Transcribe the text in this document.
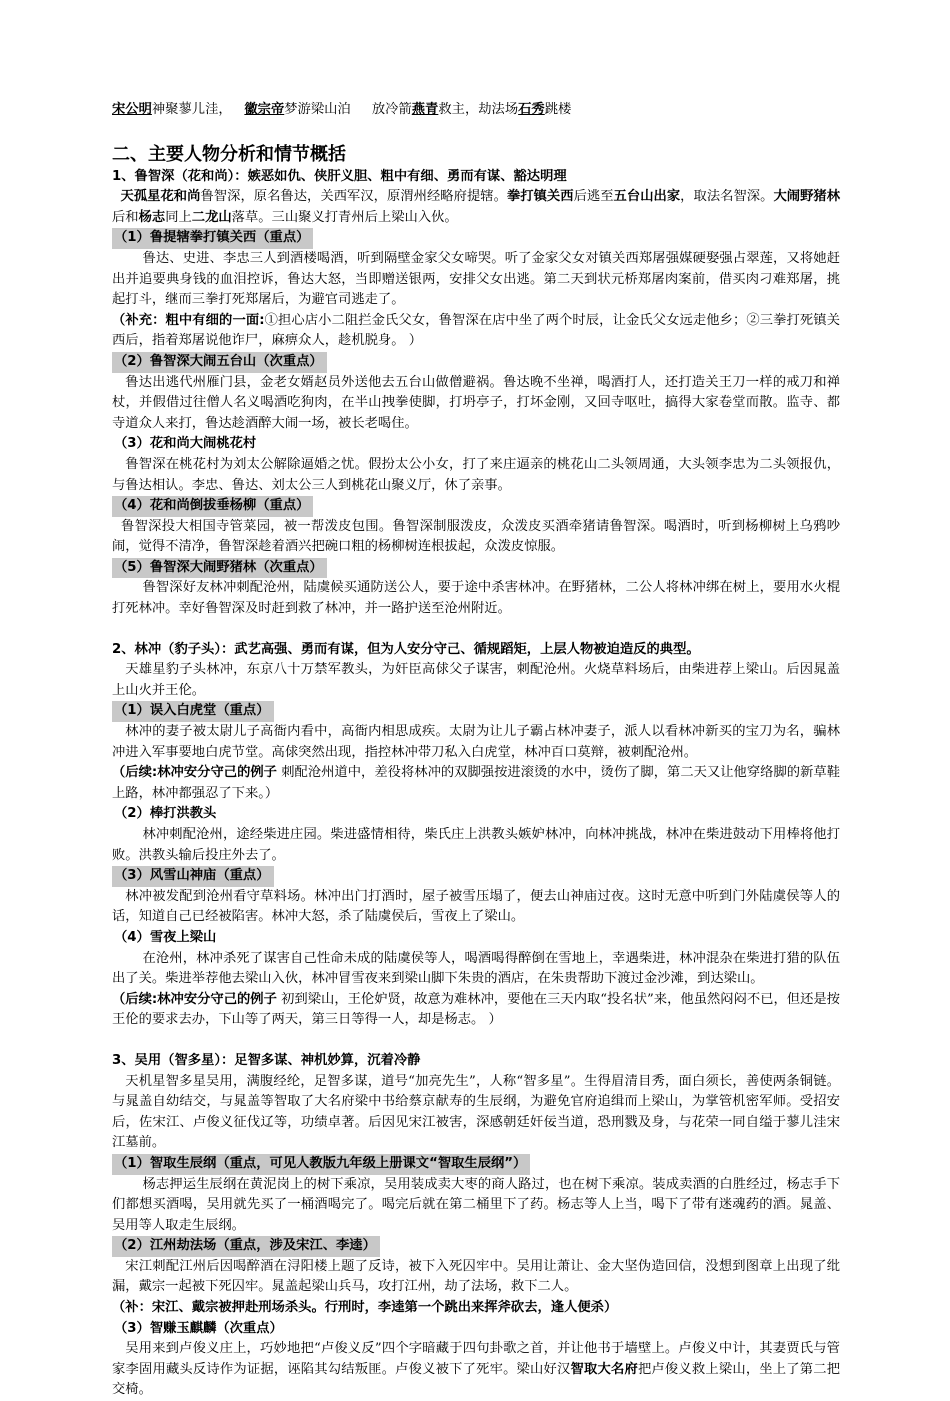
宋公明神聚蓼儿洼， 徽宗帝梦游梁山泊 放冷箭燕青救主，劫法场石秀跳楼

二、主要人物分析和情节概括

1、鲁智深（花和尚）：嫉恶如仇、侠肝义胆、粗中有细、勇而有谋、豁达明理

天孤星花和尚鲁智深，原名鲁达，关西军汉，原渭州经略府提辖。拳打镇关西后逃至五台山出家，取法名智深。大闹野猪林后和杨志同上二龙山落草。三山聚义打青州后上梁山入伙。

（1）鲁提辖拳打镇关西（重点）

鲁达、史进、李忠三人到酒楼喝酒，听到隔壁金家父女啼哭。听了金家父女对镇关西郑屠强媒硬娶强占翠莲，又将她赶出并追要典身钱的血泪控诉，鲁达大怒，当即赠送银两，安排父女出逃。第二天到状元桥郑屠肉案前，借买肉刁难郑屠，挑起打斗，继而三拳打死郑屠后，为避官司逃走了。

（补充：粗中有细的一面:①担心店小二阻拦金氏父女，鲁智深在店中坐了两个时辰，让金氏父女远走他乡；②三拳打死镇关西后，指着郑屠说他诈尸，麻痹众人，趁机脱身。 ）

（2）鲁智深大闹五台山（次重点）

鲁达出逃代州雁门县，金老女婿赵员外送他去五台山做僧避祸。鲁达晚不坐禅，喝酒打人，还打造关王刀一样的戒刀和禅杖，并假借过往僧人名义喝酒吃狗肉，在半山拽拳使脚，打坍亭子，打坏金刚，又回寺呕吐，搞得大家卷堂而散。监寺、都寺道众人来打，鲁达趁酒醉大闹一场，被长老喝住。

（3）花和尚大闹桃花村

鲁智深在桃花村为刘太公解除逼婚之忧。假扮太公小女，打了来庄逼亲的桃花山二头领周通，大头领李忠为二头领报仇，与鲁达相认。李忠、鲁达、刘太公三人到桃花山聚义厅，休了亲事。

（4）花和尚倒拔垂杨柳（重点）

鲁智深投大相国寺管菜园，被一帮泼皮包围。鲁智深制服泼皮，众泼皮买酒牵猪请鲁智深。喝酒时，听到杨柳树上乌鸦吵闹，觉得不清净，鲁智深趁着酒兴把碗口粗的杨柳树连根拔起，众泼皮惊服。

（5）鲁智深大闹野猪林（次重点）

鲁智深好友林冲刺配沧州，陆虞候买通防送公人，要于途中杀害林冲。在野猪林，二公人将林冲绑在树上，要用水火棍打死林冲。幸好鲁智深及时赶到救了林冲，并一路护送至沧州附近。

2、林冲（豹子头）：武艺高强、勇而有谋，但为人安分守己、循规蹈矩，上层人物被迫造反的典型。

天雄星豹子头林冲，东京八十万禁军教头，为奸臣高俅父子谋害，刺配沧州。火烧草料场后，由柴进荐上梁山。后因晁盖上山火并王伦。

（1）误入白虎堂（重点）

林冲的妻子被太尉儿子高衙内看中，高衙内相思成疾。太尉为让儿子霸占林冲妻子，派人以看林冲新买的宝刀为名，骗林冲进入军事要地白虎节堂。高俅突然出现，指控林冲带刀私入白虎堂，林冲百口莫辩，被刺配沧州。

（后续:林冲安分守己的例子 刺配沧州道中，差役将林冲的双脚强按进滚烫的水中，烫伤了脚，第二天又让他穿络脚的新草鞋上路，林冲都强忍了下来。）

（2）棒打洪教头

林冲刺配沧州，途经柴进庄园。柴进盛情相待，柴氏庄上洪教头嫉妒林冲，向林冲挑战，林冲在柴进鼓动下用棒将他打败。洪教头输后投庄外去了。

（3）风雪山神庙（重点）

林冲被发配到沧州看守草料场。林冲出门打酒时，屋子被雪压塌了，便去山神庙过夜。这时无意中听到门外陆虞侯等人的话，知道自己已经被陷害。林冲大怒，杀了陆虞侯后，雪夜上了梁山。

（4）雪夜上梁山

在沧州，林冲杀死了谋害自己性命未成的陆虞侯等人，喝酒喝得醉倒在雪地上，幸遇柴进，林冲混杂在柴进打猎的队伍出了关。柴进举荐他去梁山入伙，林冲冒雪夜来到梁山脚下朱贵的酒店，在朱贵帮助下渡过金沙滩，到达梁山。

（后续:林冲安分守己的例子 初到梁山，王伦妒贤，故意为难林冲，要他在三天内取“投名状”来，他虽然闷闷不已，但还是按王伦的要求去办，下山等了两天，第三日等得一人，却是杨志。 ）

3、吴用（智多星）：足智多谋、神机妙算，沉着冷静

天机星智多星吴用，满腹经纶，足智多谋，道号“加亮先生”，人称“智多星”。生得眉清目秀，面白须长，善使两条铜链。与晁盖自幼结交，与晁盖等智取了大名府梁中书给蔡京献寿的生辰纲，为避免官府追缉而上梁山，为掌管机密军师。受招安后，佐宋江、卢俊义征伐辽等，功绩卓著。后因见宋江被害，深感朝廷奸佞当道，恐刑戮及身，与花荣一同自缢于蓼儿洼宋江墓前。

（1）智取生辰纲（重点，可见人教版九年级上册课文“智取生辰纲”）

杨志押运生辰纲在黄泥岗上的树下乘凉，吴用装成卖大枣的商人路过，也在树下乘凉。装成卖酒的白胜经过，杨志手下们都想买酒喝，吴用就先买了一桶酒喝完了。喝完后就在第二桶里下了药。杨志等人上当，喝下了带有迷魂药的酒。晁盖、吴用等人取走生辰纲。

（2）江州劫法场（重点，涉及宋江、李逵）

宋江刺配江州后因喝醉酒在浔阳楼上题了反诗，被下入死囚牢中。吴用让萧让、金大坚伪造回信，没想到图章上出现了纰漏，戴宗一起被下死囚牢。晁盖起梁山兵马，攻打江州，劫了法场，救下二人。

（补：宋江、戴宗被押赴刑场杀头。行刑时，李逵第一个跳出来挥斧砍去，逢人便杀）

（3）智赚玉麒麟（次重点）

吴用来到卢俊义庄上，巧妙地把“卢俊义反”四个字暗藏于四句卦歌之首，并让他书于墙壁上。卢俊义中计，其妻贾氏与管家李固用藏头反诗作为证据，诬陷其勾结叛匪。卢俊义被下了死牢。梁山好汉智取大名府把卢俊义救上梁山，坐上了第二把交椅。
